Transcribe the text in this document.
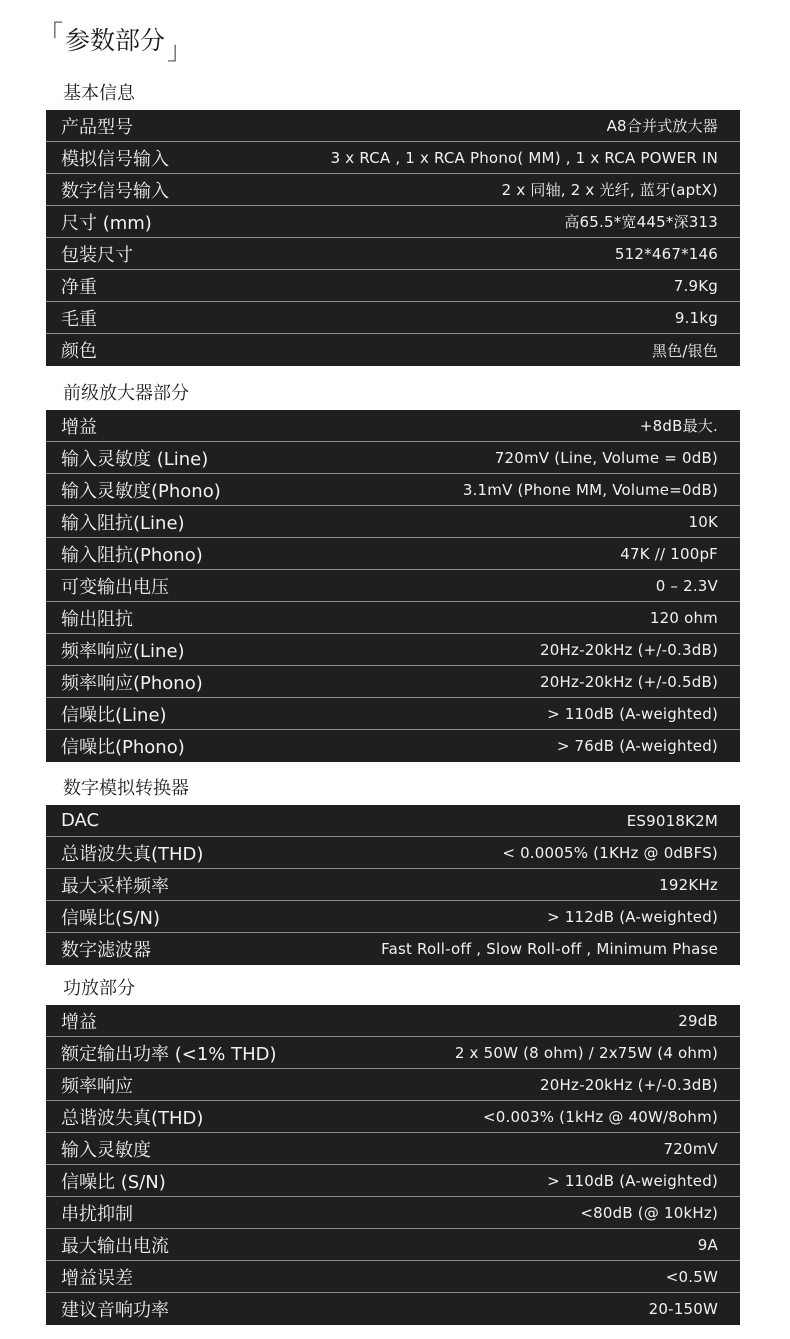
「参数部分」
基本信息
产品型号	A8合并式放大器
模拟信号输入	3 x RCA , 1 x RCA Phono( MM) , 1 x RCA POWER IN
数字信号输入	2 x 同轴, 2 x 光纤, 蓝牙(aptX)
尺寸 (mm)	高65.5*宽445*深313
包装尺寸	512*467*146
净重	7.9Kg
毛重	9.1kg
颜色	黑色/银色
前级放大器部分
增益	+8dB最大.
输入灵敏度 (Line)	720mV (Line, Volume = 0dB)
输入灵敏度(Phono)	3.1mV (Phone MM, Volume=0dB)
输入阻抗(Line)	10K
输入阻抗(Phono)	47K // 100pF
可变输出电压	0 – 2.3V
输出阻抗	120 ohm
频率响应(Line)	20Hz-20kHz (+/-0.3dB)
频率响应(Phono)	20Hz-20kHz (+/-0.5dB)
信噪比(Line)	> 110dB (A-weighted)
信噪比(Phono)	> 76dB (A-weighted)
数字模拟转换器
DAC	ES9018K2M
总谐波失真(THD)	< 0.0005% (1KHz @ 0dBFS)
最大采样频率	192KHz
信噪比(S/N)	> 112dB (A-weighted)
数字滤波器	Fast Roll-off , Slow Roll-off , Minimum Phase
功放部分
增益	29dB
额定输出功率 (<1% THD)	2 x 50W (8 ohm) / 2x75W (4 ohm)
频率响应	20Hz-20kHz (+/-0.3dB)
总谐波失真(THD)	<0.003% (1kHz @ 40W/8ohm)
输入灵敏度	720mV
信噪比 (S/N)	> 110dB (A-weighted)
串扰抑制	<80dB (@ 10kHz)
最大输出电流	9A
增益误差	<0.5W
建议音响功率	20-150W
